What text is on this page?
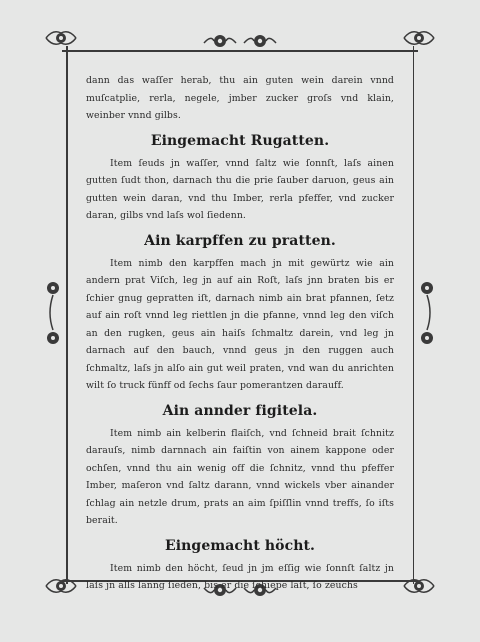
dann das waſſer herab, thu ain guten wein darein vnnd muſcatplie, rerla, negele, jmber zucker groſs vnd klain, weinber vnnd gilbs.

Eingemacht Rugatten.

Item ſeuds jn waſſer, vnnd ſaltz wie ſonnſt, laſs ainen gutten ſudt thon, darnach thu die prie ſauber daruon, geus ain gutten wein daran, vnd thu Imber, rerla pfeffer, vnd zucker daran, gilbs vnd laſs wol ſiedenn.

Ain karpffen zu pratten.

Item nimb den karpffen mach jn mit gewürtz wie ain andern prat Viſch, leg jn auf ain Roſt, laſs jnn braten bis er ſchier gnug gepratten iſt, darnach nimb ain brat pfannen, ſetz auf ain roſt vnnd leg riettlen jn die pfanne, vnnd leg den viſch an den rugken, geus ain haiſs ſchmaltz darein, vnd leg jn darnach auf den bauch, vnnd geus jn den ruggen auch ſchmaltz, laſs jn alſo ain gut weil praten, vnd wan du anrichten wilt ſo truck fünff od ſechs ſaur pomerantzen darauff.

Ain annder figitela.

Item nimb ain kelberin flaiſch, vnd ſchneid brait ſchnitz darauſs, nimb darnnach ain faiſtin von ainem kappone oder ochſen, vnnd thu ain wenig off die ſchnitz, vnnd thu pfeffer Imber, maſeron vnd ſaltz darann, vnnd wickels vber ainander ſchlag ain netzle drum, prats an aim ſpiſſlin vnnd treffs, ſo iſts berait.

Eingemacht höcht.

Item nimb den höcht, ſeud jn jm eſſig wie ſonnſt ſaltz jn laſs jn alls lanng ſieden, bis er die ſchiepe laſt, ſo zeuchs
